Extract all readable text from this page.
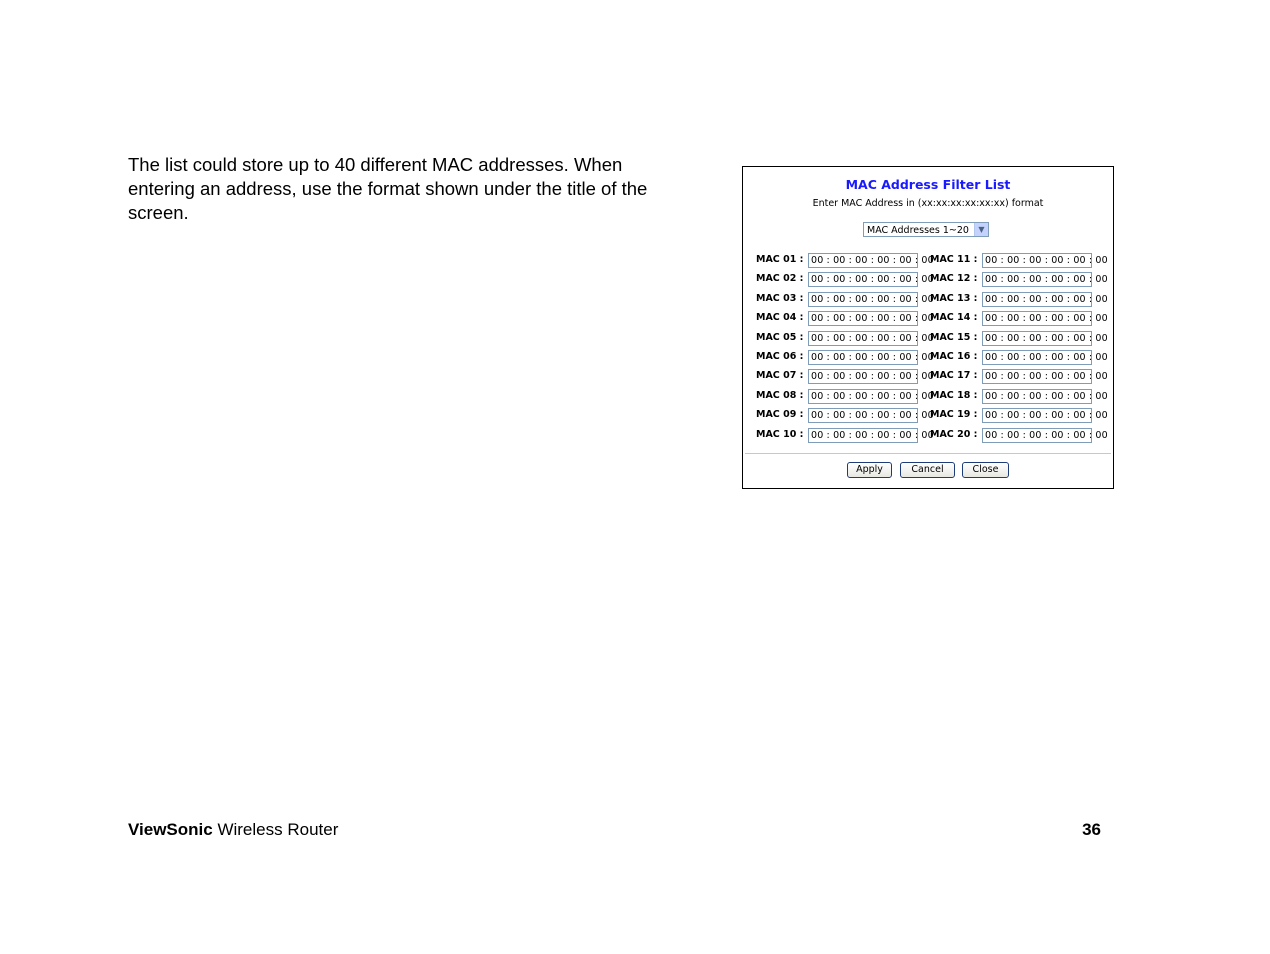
The list could store up to 40 different MAC addresses. When entering an address, use the format shown under the title of the screen.

MAC Address Filter List
Enter MAC Address in (xx:xx:xx:xx:xx:xx) format
MAC Addresses 1~20	▼
MAC 01 : 00 : 00 : 00 : 00 : 00 : 00
MAC 02 : 00 : 00 : 00 : 00 : 00 : 00
MAC 03 : 00 : 00 : 00 : 00 : 00 : 00
MAC 04 : 00 : 00 : 00 : 00 : 00 : 00
MAC 05 : 00 : 00 : 00 : 00 : 00 : 00
MAC 06 : 00 : 00 : 00 : 00 : 00 : 00
MAC 07 : 00 : 00 : 00 : 00 : 00 : 00
MAC 08 : 00 : 00 : 00 : 00 : 00 : 00
MAC 09 : 00 : 00 : 00 : 00 : 00 : 00
MAC 10 : 00 : 00 : 00 : 00 : 00 : 00
MAC 11 : 00 : 00 : 00 : 00 : 00 : 00
MAC 12 : 00 : 00 : 00 : 00 : 00 : 00
MAC 13 : 00 : 00 : 00 : 00 : 00 : 00
MAC 14 : 00 : 00 : 00 : 00 : 00 : 00
MAC 15 : 00 : 00 : 00 : 00 : 00 : 00
MAC 16 : 00 : 00 : 00 : 00 : 00 : 00
MAC 17 : 00 : 00 : 00 : 00 : 00 : 00
MAC 18 : 00 : 00 : 00 : 00 : 00 : 00
MAC 19 : 00 : 00 : 00 : 00 : 00 : 00
MAC 20 : 00 : 00 : 00 : 00 : 00 : 00
Apply	Cancel	Close
ViewSonic Wireless Router	36
